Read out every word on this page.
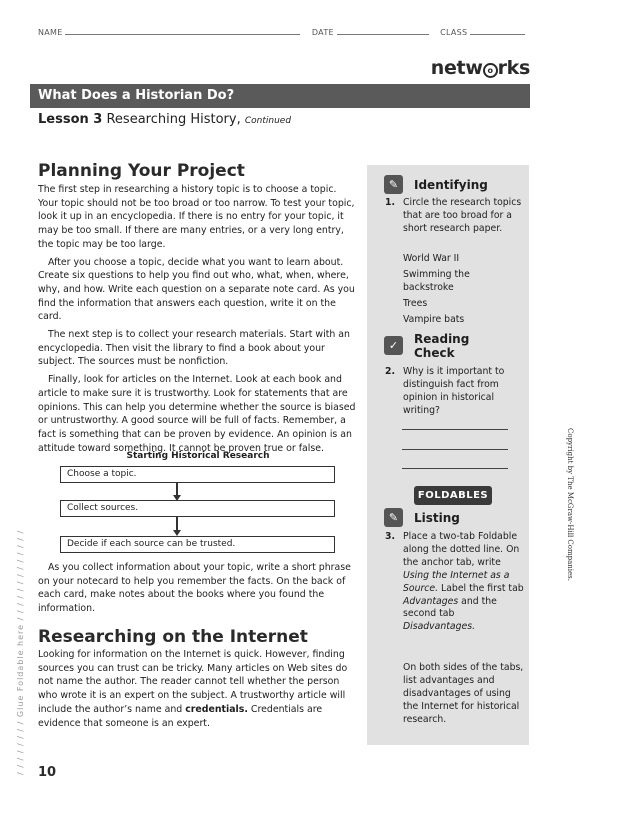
NAME	DATE	CLASS
netw o rks
What Does a Historian Do?
Lesson 3 Researching History, Continued
Planning Your Project

The first step in researching a history topic is to choose a topic. Your topic should not be too broad or too narrow. To test your topic, look it up in an encyclopedia. If there is no entry for your topic, it may be too small. If there are many entries, or a very long entry, the topic may be too large.

After you choose a topic, decide what you want to learn about. Create six questions to help you find out who, what, when, where, why, and how. Write each question on a separate note card. As you find the information that answers each question, write it on the card.

The next step is to collect your research materials. Start with an encyclopedia. Then visit the library to find a book about your subject. The sources must be nonfiction.

Finally, look for articles on the Internet. Look at each book and article to make sure it is trustworthy. Look for statements that are opinions. This can help you determine whether the source is biased or untrustworthy. A good source will be full of facts. Remember, a fact is something that can be proven by evidence. An opinion is an attitude toward something. It cannot be proven true or false.

Starting Historical Research
Choose a topic.
Collect sources.
Decide if each source can be trusted.

As you collect information about your topic, write a short phrase on your notecard to help you remember the facts. On the back of each card, make notes about the books where you found the information.

Researching on the Internet

Looking for information on the Internet is quick. However, finding sources you can trust can be tricky. Many articles on Web sites do not name the author. The reader cannot tell whether the person who wrote it is an expert on the subject. A trustworthy article will include the author’s name and credentials. Credentials are evidence that someone is an expert.

✎	Identifying
1. Circle the research topics that are too broad for a short research paper.
World War II
Swimming the backstroke
Trees
Vampire bats
✓	Reading
Check
2. Why is it important to distinguish fact from opinion in historical writing?
✎	Listing
3. Place a two-tab Foldable along the dotted line. On the anchor tab, write Using the Internet as a Source. Label the first tab Advantages and the second tab Disadvantages.
On both sides of the tabs, list advantages and disadvantages of using the Internet for historical research.
FOLDABLES	Copyright by The McGraw-Hill Companies.
/ / / / / / / / Glue Foldable here / / / / / / / / / / / / /
10
